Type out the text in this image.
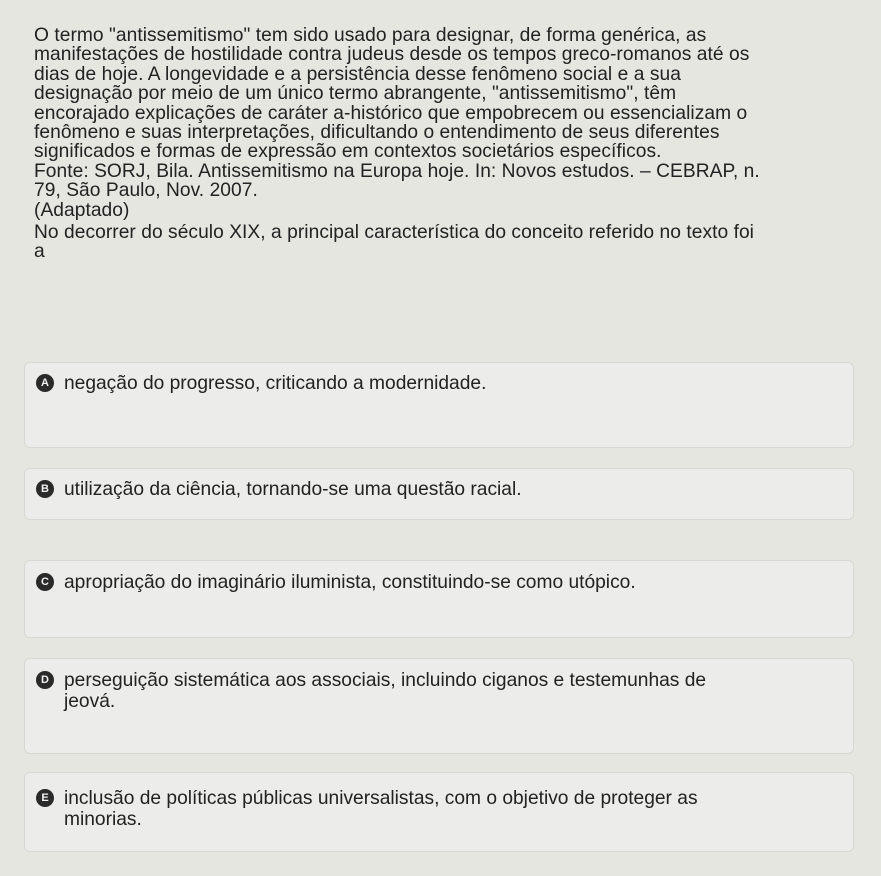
O termo "antissemitismo" tem sido usado para designar, de forma genérica, as

manifestações de hostilidade contra judeus desde os tempos greco-romanos até os

dias de hoje. A longevidade e a persistência desse fenômeno social e a sua

designação por meio de um único termo abrangente, "antissemitismo", têm

encorajado explicações de caráter a-histórico que empobrecem ou essencializam o

fenômeno e suas interpretações, dificultando o entendimento de seus diferentes

significados e formas de expressão em contextos societários específicos.

Fonte: SORJ, Bila. Antissemitismo na Europa hoje. In: Novos estudos. – CEBRAP, n.

79, São Paulo, Nov. 2007.

(Adaptado)

No decorrer do século XIX, a principal característica do conceito referido no texto foi

a

A negação do progresso, criticando a modernidade.
B utilização da ciência, tornando-se uma questão racial.
C apropriação do imaginário iluminista, constituindo-se como utópico.
D perseguição sistemática aos associais, incluindo ciganos e testemunhas de
jeová.
E inclusão de políticas públicas universalistas, com o objetivo de proteger as
minorias.
